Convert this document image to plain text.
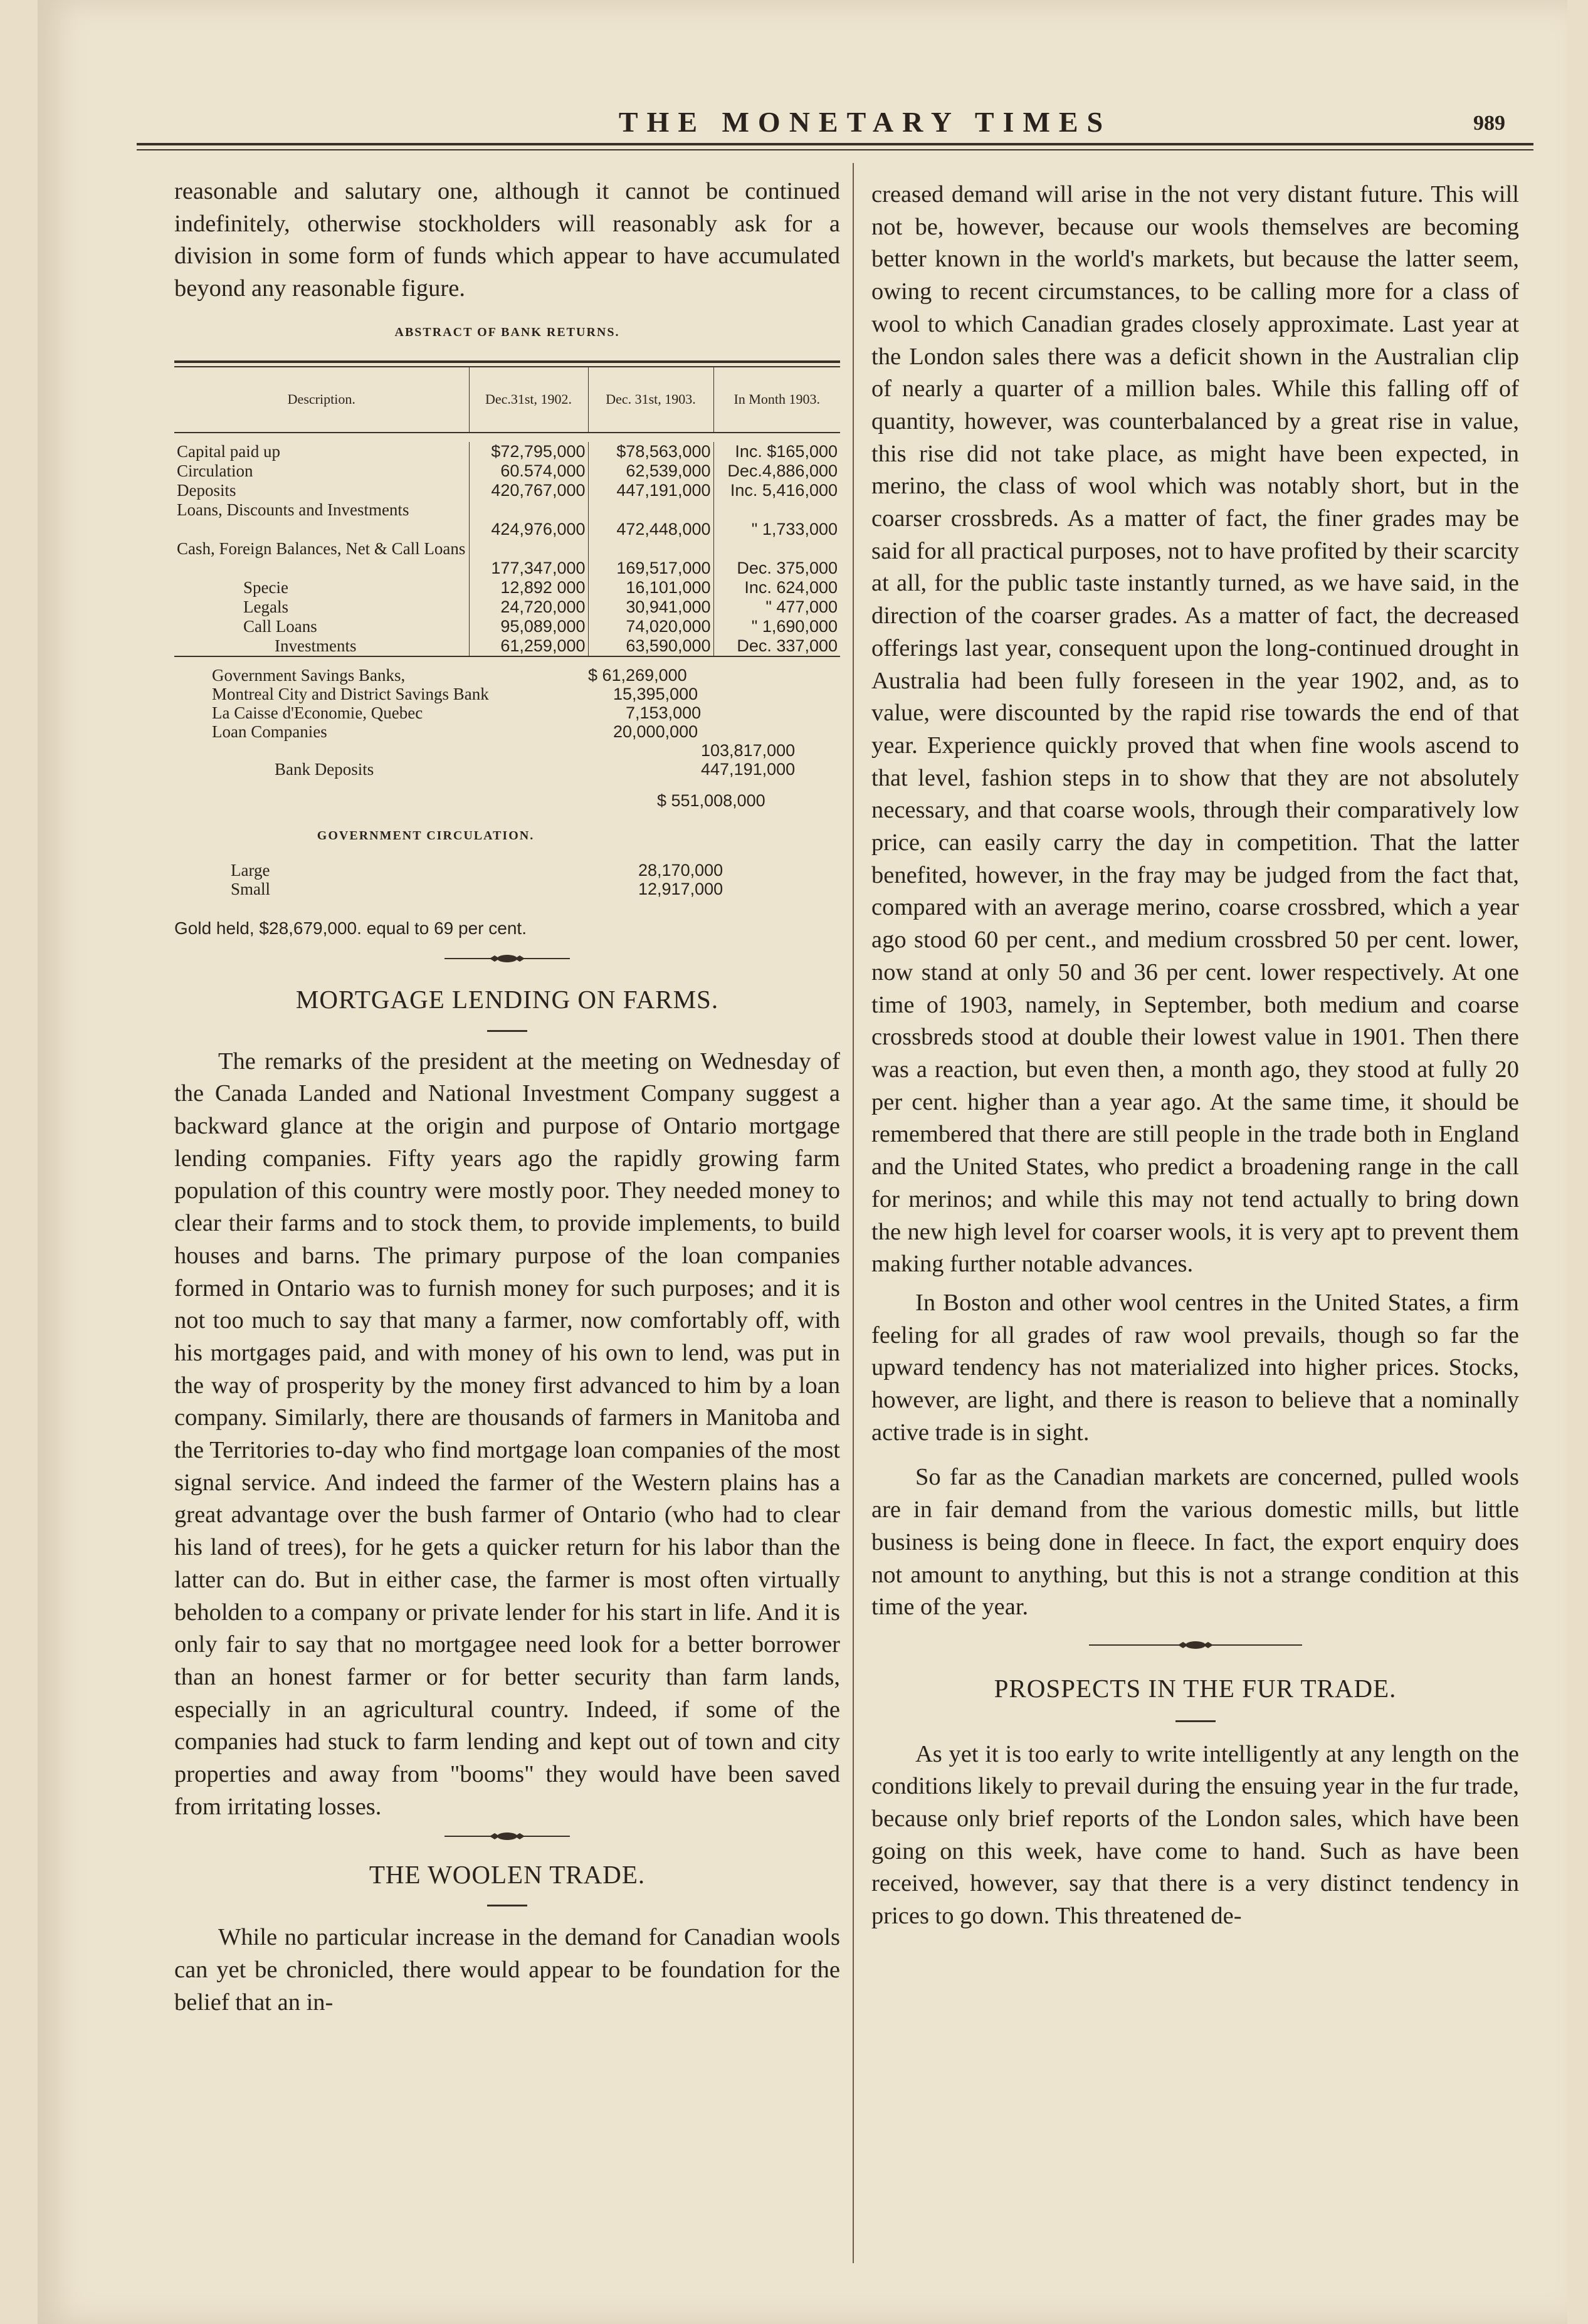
THE MONETARY TIMES	989

reasonable and salutary one, although it cannot be continued indefinitely, otherwise stockholders will reasonably ask for a division in some form of funds which appear to have accumulated beyond any reasonable figure.

ABSTRACT OF BANK RETURNS.
Description.	Dec.31st, 1902.	Dec. 31st, 1903.	In Month 1903.

Capital paid up	$72,795,000	$78,563,000	Inc. $165,000
Circulation	60.574,000	62,539,000	Dec.4,886,000
Deposits	420,767,000	447,191,000	Inc. 5,416,000
Loans, Discounts and Investments	424,976,000	472,448,000	" 1,733,000
Cash, Foreign Balances, Net & Call Loans	177,347,000	169,517,000	Dec. 375,000
Specie	12,892 000	16,101,000	Inc. 624,000
Legals	24,720,000	30,941,000	" 477,000
Call Loans	95,089,000	74,020,000	" 1,690,000
Investments	61,259,000	63,590,000	Dec. 337,000
Government Savings Banks,	$ 61,269,000
Montreal City and District Savings Bank	15,395,000
La Caisse d'Economie, Quebec	7,153,000
Loan Companies	20,000,000
	103,817,000
Bank Deposits	447,191,000

	$ 551,008,000
GOVERNMENT CIRCULATION.
Large	28,170,000
Small	12,917,000
Gold held, $28,679,000. equal to 69 per cent.

MORTGAGE LENDING ON FARMS.

The remarks of the president at the meeting on Wednesday of the Canada Landed and National Investment Company suggest a backward glance at the origin and purpose of Ontario mortgage lending companies. Fifty years ago the rapidly growing farm population of this country were mostly poor. They needed money to clear their farms and to stock them, to provide implements, to build houses and barns. The primary purpose of the loan companies formed in Ontario was to furnish money for such purposes; and it is not too much to say that many a farmer, now comfortably off, with his mortgages paid, and with money of his own to lend, was put in the way of prosperity by the money first advanced to him by a loan company. Similarly, there are thousands of farmers in Manitoba and the Territories to-day who find mortgage loan companies of the most signal service. And indeed the farmer of the Western plains has a great advantage over the bush farmer of Ontario (who had to clear his land of trees), for he gets a quicker return for his labor than the latter can do. But in either case, the farmer is most often virtually beholden to a company or private lender for his start in life. And it is only fair to say that no mortgagee need look for a better borrower than an honest farmer or for better security than farm lands, especially in an agricultural country. Indeed, if some of the companies had stuck to farm lending and kept out of town and city properties and away from "booms" they would have been saved from irritating losses.

THE WOOLEN TRADE.

While no particular increase in the demand for Canadian wools can yet be chronicled, there would appear to be foundation for the belief that an in-

creased demand will arise in the not very distant future. This will not be, however, because our wools themselves are becoming better known in the world's markets, but because the latter seem, owing to recent circumstances, to be calling more for a class of wool to which Canadian grades closely approximate. Last year at the London sales there was a deficit shown in the Australian clip of nearly a quarter of a million bales. While this falling off of quantity, however, was counterbalanced by a great rise in value, this rise did not take place, as might have been expected, in merino, the class of wool which was notably short, but in the coarser crossbreds. As a matter of fact, the finer grades may be said for all practical purposes, not to have profited by their scarcity at all, for the public taste instantly turned, as we have said, in the direction of the coarser grades. As a matter of fact, the decreased offerings last year, consequent upon the long-continued drought in Australia had been fully foreseen in the year 1902, and, as to value, were discounted by the rapid rise towards the end of that year. Experience quickly proved that when fine wools ascend to that level, fashion steps in to show that they are not absolutely necessary, and that coarse wools, through their comparatively low price, can easily carry the day in competition. That the latter benefited, however, in the fray may be judged from the fact that, compared with an average merino, coarse crossbred, which a year ago stood 60 per cent., and medium crossbred 50 per cent. lower, now stand at only 50 and 36 per cent. lower respectively. At one time of 1903, namely, in September, both medium and coarse crossbreds stood at double their lowest value in 1901. Then there was a reaction, but even then, a month ago, they stood at fully 20 per cent. higher than a year ago. At the same time, it should be remembered that there are still people in the trade both in England and the United States, who predict a broadening range in the call for merinos; and while this may not tend actually to bring down the new high level for coarser wools, it is very apt to prevent them making further notable advances.

In Boston and other wool centres in the United States, a firm feeling for all grades of raw wool prevails, though so far the upward tendency has not materialized into higher prices. Stocks, however, are light, and there is reason to believe that a nominally active trade is in sight.

So far as the Canadian markets are concerned, pulled wools are in fair demand from the various domestic mills, but little business is being done in fleece. In fact, the export enquiry does not amount to anything, but this is not a strange condition at this time of the year.

PROSPECTS IN THE FUR TRADE.

As yet it is too early to write intelligently at any length on the conditions likely to prevail during the ensuing year in the fur trade, because only brief reports of the London sales, which have been going on this week, have come to hand. Such as have been received, however, say that there is a very distinct tendency in prices to go down. This threatened de-
